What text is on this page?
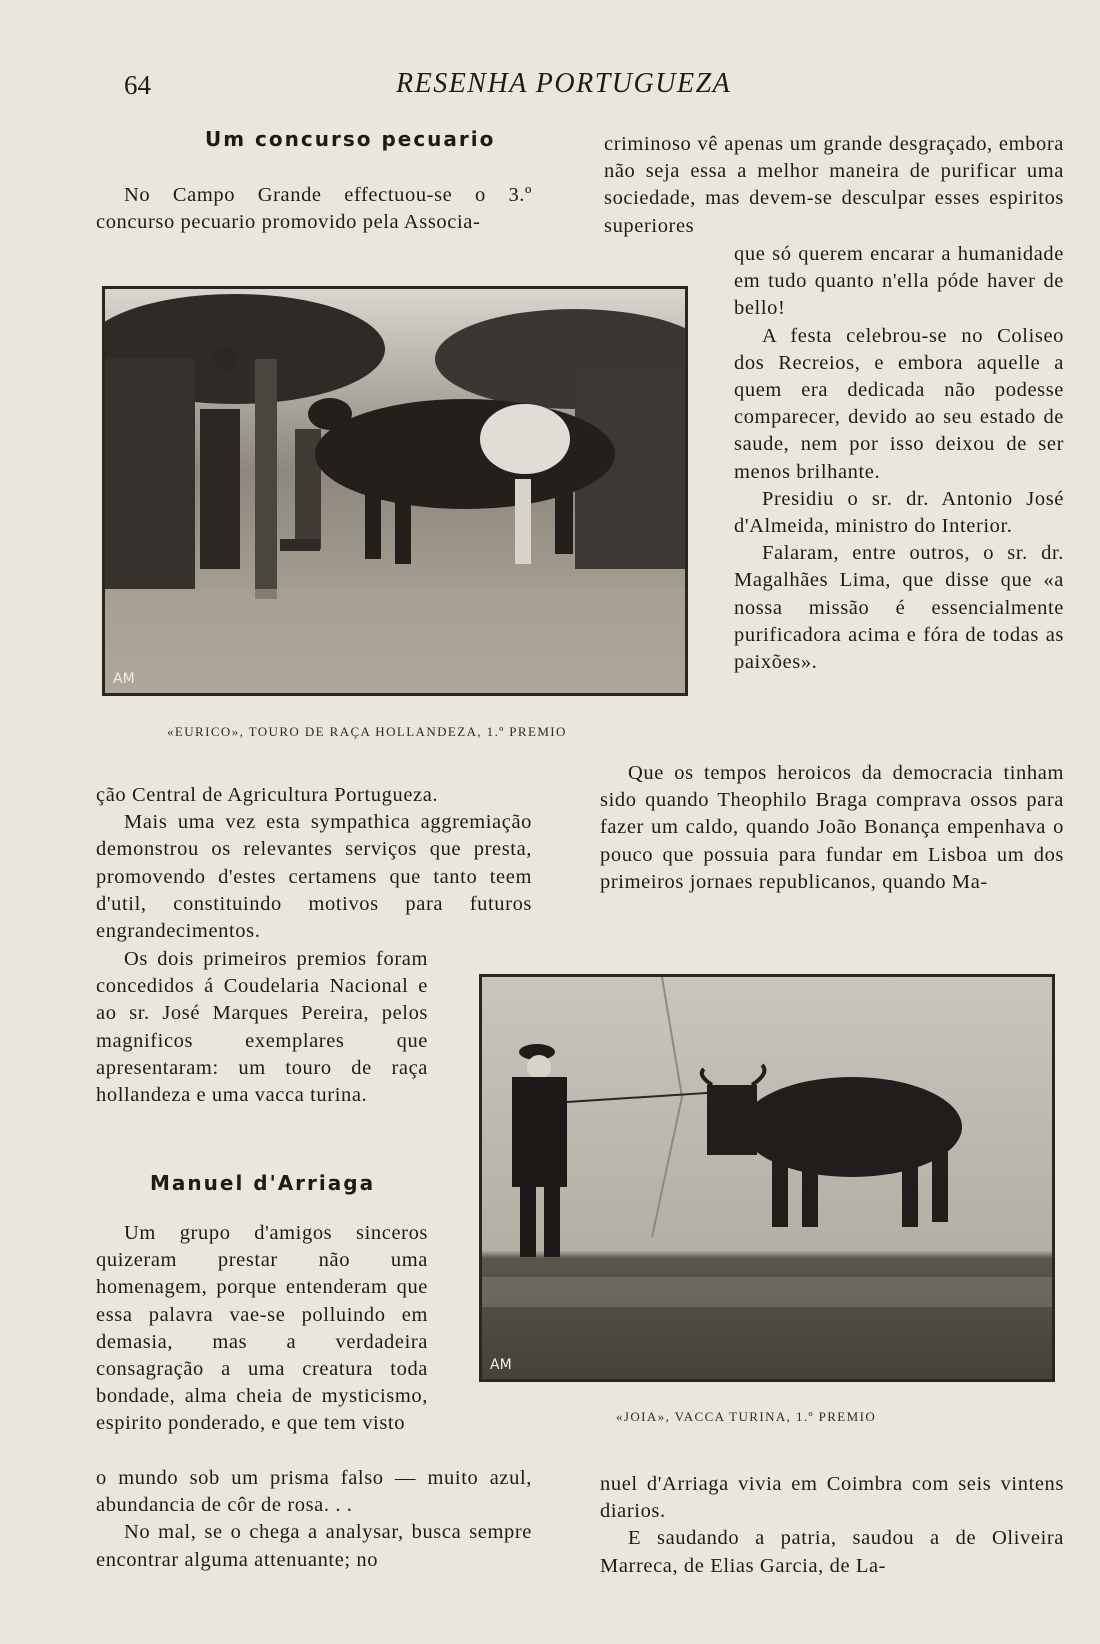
64	RESENHA PORTUGUEZA
Um concurso pecuario

No Campo Grande effectuou-se o 3.º concurso pecuario promovido pela Associa-

AM
«EURICO», TOURO DE RAÇA HOLLANDEZA, 1.º PREMIO

ção Central de Agricultura Portugueza.

Mais uma vez esta sympathica aggremiação demonstrou os relevantes serviços que presta, promovendo d'estes certamens que tanto teem d'util, constituindo motivos para futuros engrandecimentos.

Os dois primeiros premios foram concedidos á Coudelaria Nacional e ao sr. José Marques Pereira, pelos magnificos exemplares que apresentaram: um touro de raça hollandeza e uma vacca turina.

Manuel d'Arriaga

Um grupo d'amigos sinceros quizeram prestar não uma homenagem, porque entenderam que essa palavra vae-se polluindo em demasia, mas a verdadeira consagração a uma creatura toda bondade, alma cheia de mysticismo, espirito ponderado, e que tem visto

o mundo sob um prisma falso — muito azul, abundancia de côr de rosa. . .

No mal, se o chega a analysar, busca sempre encontrar alguma attenuante; no

criminoso vê apenas um grande desgraçado, embora não seja essa a melhor maneira de purificar uma sociedade, mas devem-se desculpar esses espiritos superiores

que só querem encarar a humanidade em tudo quanto n'ella póde haver de bello!

A festa celebrou-se no Coliseo dos Recreios, e embora aquelle a quem era dedicada não podesse comparecer, devido ao seu estado de saude, nem por isso deixou de ser menos brilhante.

Presidiu o sr. dr. Antonio José d'Almeida, ministro do Interior.

Falaram, entre outros, o sr. dr. Magalhães Lima, que disse que «a nossa missão é essencialmente purificadora acima e fóra de todas as paixões».

Que os tempos heroicos da democracia tinham sido quando Theophilo Braga comprava ossos para fazer um caldo, quando João Bonança empenhava o pouco que possuia para fundar em Lisboa um dos primeiros jornaes republicanos, quando Ma-

AM
«JOIA», VACCA TURINA, 1.º PREMIO

nuel d'Arriaga vivia em Coimbra com seis vintens diarios.

E saudando a patria, saudou a de Oliveira Marreca, de Elias Garcia, de La-
